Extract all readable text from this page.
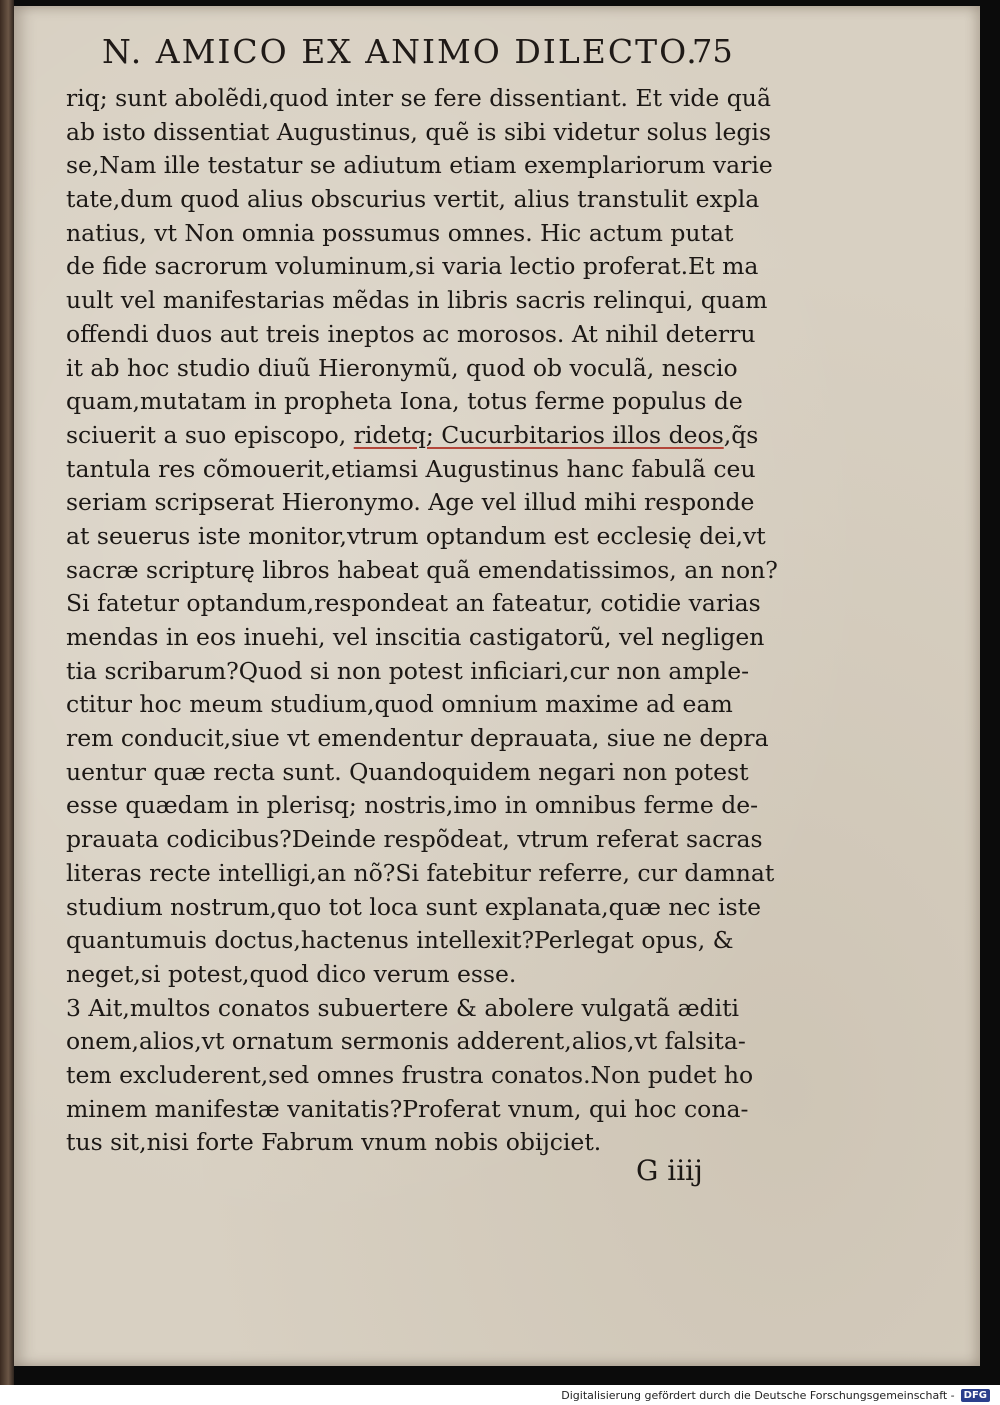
N. AMICO EX ANIMO DILECTO.
75
riq; sunt abolẽdi,quod inter se fere dissentiant. Et vide quã
ab isto dissentiat Augustinus, quẽ is sibi videtur solus legis
se,Nam ille testatur se adiutum etiam exemplariorum varie
tate,dum quod alius obscurius vertit, alius transtulit expla
natius, vt Non omnia possumus omnes. Hic actum putat
de fide sacrorum voluminum,si varia lectio proferat.Et ma
uult vel manifestarias mẽdas in libris sacris relinqui, quam
offendi duos aut treis ineptos ac morosos. At nihil deterru
it ab hoc studio diuũ Hieronymũ, quod ob voculã, nescio
quam,mutatam in propheta Iona, totus ferme populus de
sciuerit a suo episcopo, ridetq; Cucurbitarios illos deos,q̃s
tantula res cõmouerit,etiamsi Augustinus hanc fabulã ceu
seriam scripserat Hieronymo. Age vel illud mihi responde
at seuerus iste monitor,vtrum optandum est ecclesię dei,vt
sacræ scripturę libros habeat quã emendatissimos, an non?
Si fatetur optandum,respondeat an fateatur, cotidie varias
mendas in eos inuehi, vel inscitia castigatorũ, vel negligen
tia scribarum?Quod si non potest inficiari,cur non ample-
ctitur hoc meum studium,quod omnium maxime ad eam
rem conducit,siue vt emendentur deprauata, siue ne depra
uentur quæ recta sunt. Quandoquidem negari non potest
esse quædam in plerisq; nostris,imo in omnibus ferme de-
prauata codicibus?Deinde respõdeat, vtrum referat sacras
literas recte intelligi,an nõ?Si fatebitur referre, cur damnat
studium nostrum,quo tot loca sunt explanata,quæ nec iste
quantumuis doctus,hactenus intellexit?Perlegat opus, &
neget,si potest,quod dico verum esse.
3 Ait,multos conatos subuertere & abolere vulgatã æditi
onem,alios,vt ornatum sermonis adderent,alios,vt falsita-
tem excluderent,sed omnes frustra conatos.Non pudet ho
minem manifestæ vanitatis?Proferat vnum, qui hoc cona-
tus sit,nisi forte Fabrum vnum nobis obijciet.
G iiij
Digitalisierung gefördert durch die Deutsche Forschungsgemeinschaft - DFG
